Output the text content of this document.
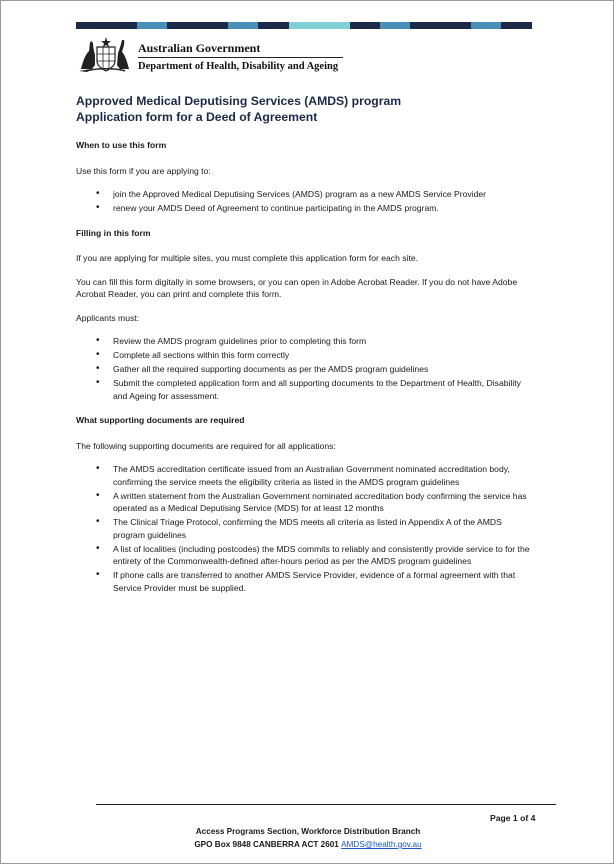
Australian Government
Department of Health, Disability and Ageing
Approved Medical Deputising Services (AMDS) program
Application form for a Deed of Agreement
When to use this form
Use this form if you are applying to:
• join the Approved Medical Deputising Services (AMDS) program as a new AMDS Service Provider
• renew your AMDS Deed of Agreement to continue participating in the AMDS program.
Filling in this form
If you are applying for multiple sites, you must complete this application form for each site.
You can fill this form digitally in some browsers, or you can open in Adobe Acrobat Reader. If you do not have Adobe Acrobat Reader, you can print and complete this form.
Applicants must:
• Review the AMDS program guidelines prior to completing this form
• Complete all sections within this form correctly
• Gather all the required supporting documents as per the AMDS program guidelines
• Submit the completed application form and all supporting documents to the Department of Health, Disability and Ageing for assessment.
What supporting documents are required
The following supporting documents are required for all applications:
• The AMDS accreditation certificate issued from an Australian Government nominated accreditation body, confirming the service meets the eligibility criteria as listed in the AMDS program guidelines
• A written statement from the Australian Government nominated accreditation body confirming the service has operated as a Medical Deputising Service (MDS) for at least 12 months
• The Clinical Triage Protocol, confirming the MDS meets all criteria as listed in Appendix A of the AMDS program guidelines
• A list of localities (including postcodes) the MDS commits to reliably and consistently provide service to for the entirety of the Commonwealth-defined after-hours period as per the AMDS program guidelines
• If phone calls are transferred to another AMDS Service Provider, evidence of a formal agreement with that Service Provider must be supplied.
Page 1 of 4
Access Programs Section, Workforce Distribution Branch
GPO Box 9848 CANBERRA ACT 2601 AMDS@health.gov.au
